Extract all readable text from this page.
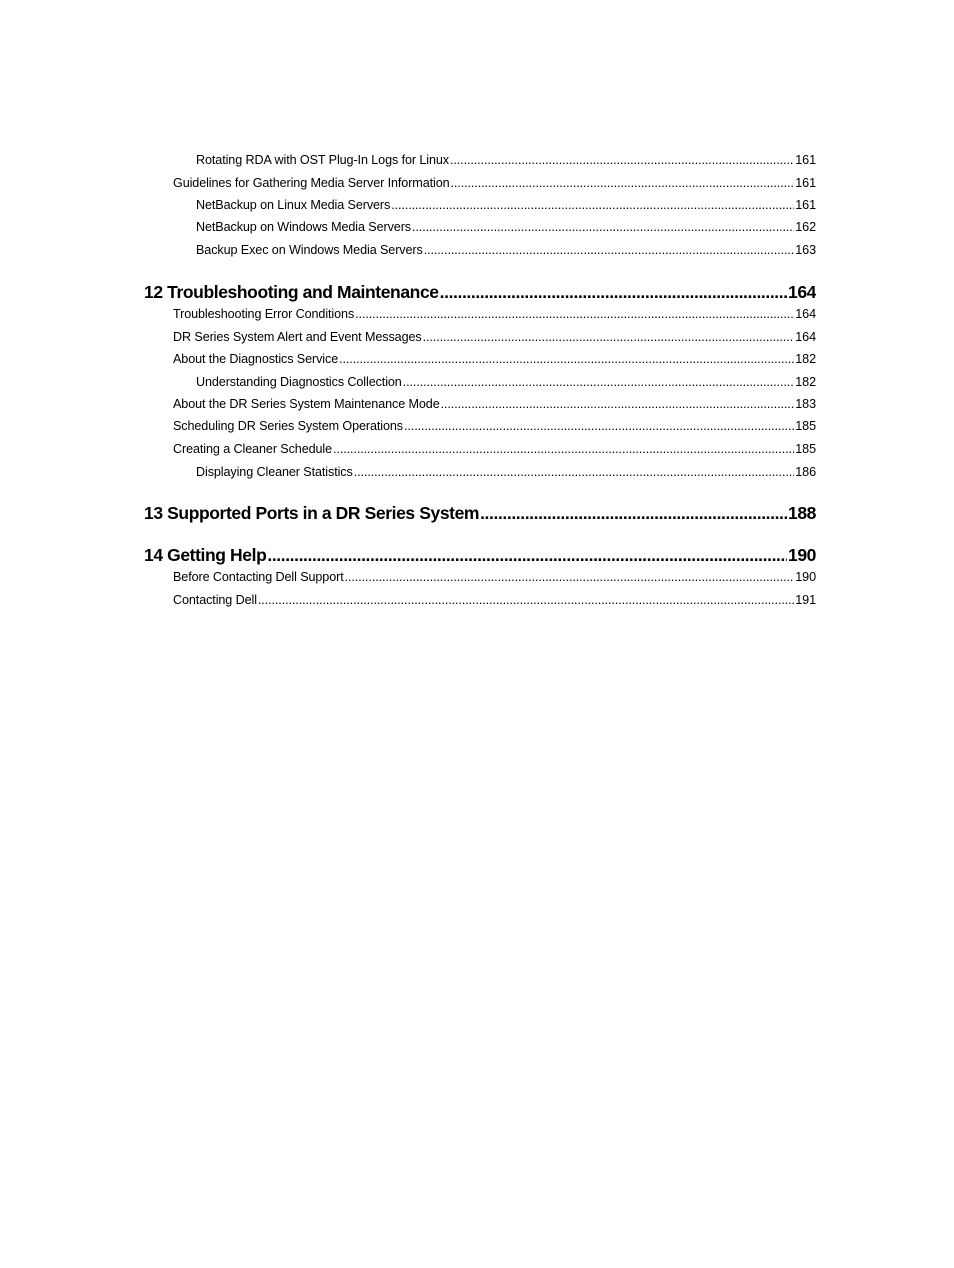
Rotating RDA with OST Plug-In Logs for Linux .....	161
Guidelines for Gathering Media Server Information .....	161
NetBackup on Linux Media Servers .....	161
NetBackup on Windows Media Servers .....	162
Backup Exec on Windows Media Servers .....	163
12 Troubleshooting and Maintenance .....	164
Troubleshooting Error Conditions .....	164
DR Series System Alert and Event Messages .....	164
About the Diagnostics Service .....	182
Understanding Diagnostics Collection .....	182
About the DR Series System Maintenance Mode .....	183
Scheduling DR Series System Operations .....	185
Creating a Cleaner Schedule .....	185
Displaying Cleaner Statistics .....	186
13 Supported Ports in a DR Series System .....	188
14 Getting Help .....	190
Before Contacting Dell Support .....	190
Contacting Dell .....	191
